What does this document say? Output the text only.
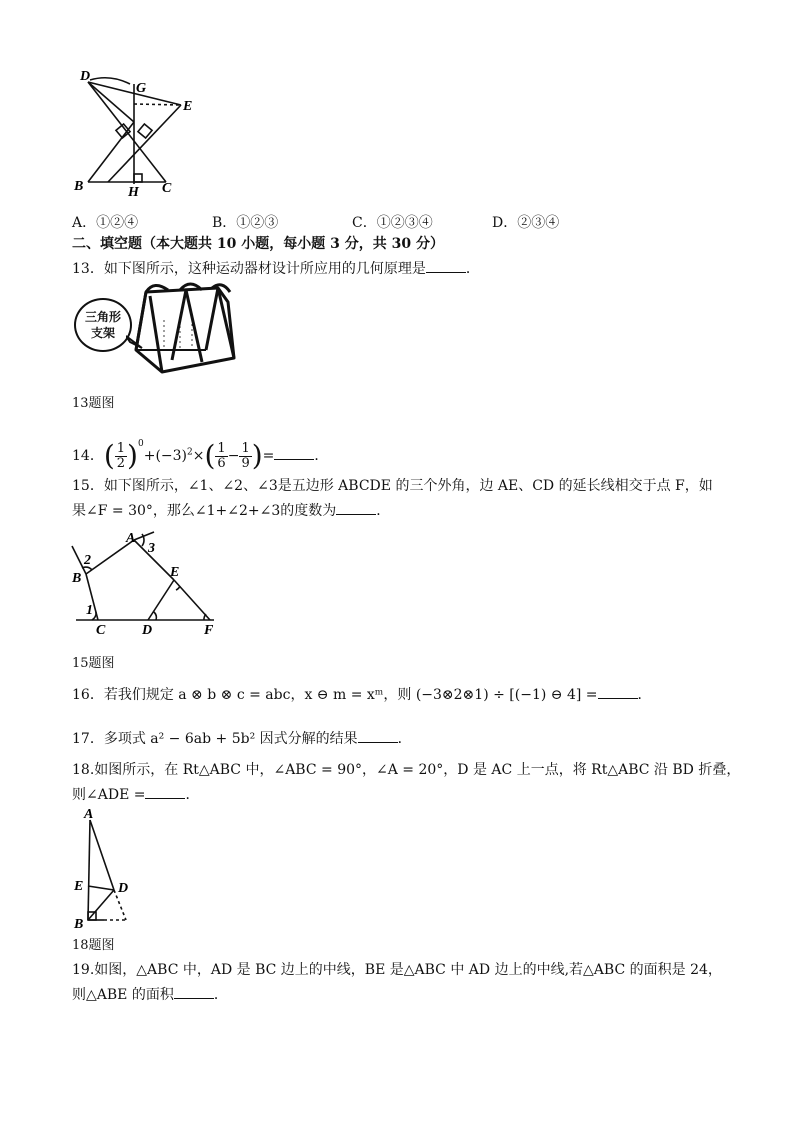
D
G
E
B	H C
A．①②④	B．①②③	C．①②③④	D．②③④
二、填空题（本大题共 10 小题，每小题 3 分，共 30 分）
13．如下图所示，这种运动器材设计所应用的几何原理是	．
三角形
支架
13题图
14．( $\frac{1}{2} )^0+(-3)^2\times( \frac{1}{6} - \frac{1}{9}$ )=	．
15．如下图所示，∠1、∠2、∠3是五边形 ABCDE 的三个外角，边 AE、CD 的延长线相交于点 F，如
果∠F = 30°，那么∠1+∠2+∠3的度数为	．
A
3
2
B	E
1
C	D	F
15题图
16．若我们规定 a ⊗ b ⊗ c = abc，x ⊖ m = xᵐ，则 (−3⊗2⊗1) ÷ [(−1) ⊖ 4] =	．
17．多项式 a² − 6ab + 5b² 因式分解的结果	．
18.如图所示，在 Rt△ABC 中，∠ABC = 90°，∠A = 20°，D 是 AC 上一点，将 Rt△ABC 沿 BD 折叠，
则∠ADE =	．
A
E D
B
18题图
19.如图，△ABC 中，AD 是 BC 边上的中线，BE 是△ABC 中 AD 边上的中线,若△ABC 的面积是 24，
则△ABE 的面积	．
